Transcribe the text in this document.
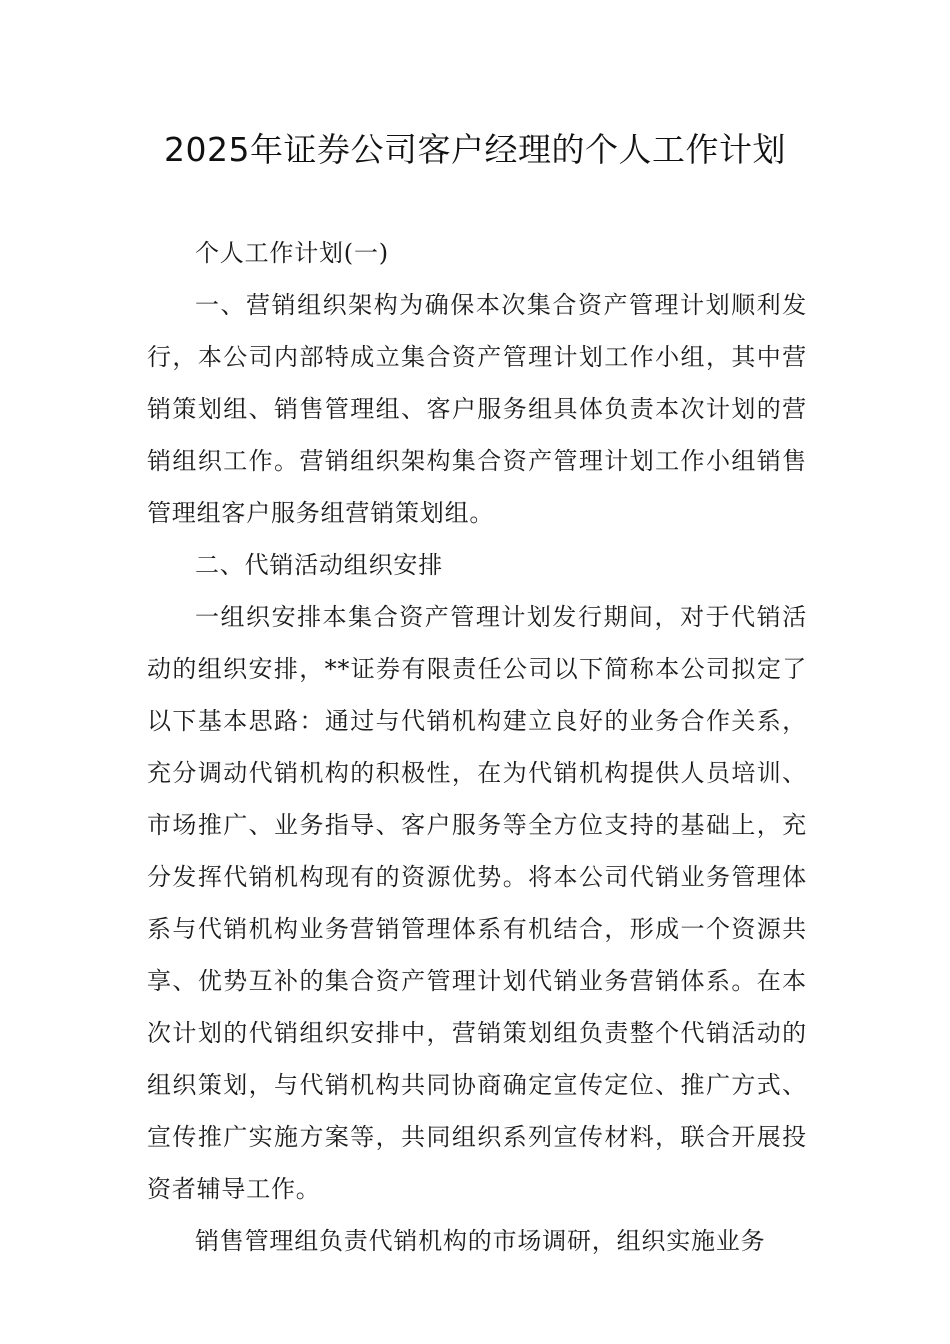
2025年证券公司客户经理的个人工作计划

个人工作计划(一)

一、营销组织架构为确保本次集合资产管理计划顺利发行，本公司内部特成立集合资产管理计划工作小组，其中营销策划组、销售管理组、客户服务组具体负责本次计划的营销组织工作。营销组织架构集合资产管理计划工作小组销售管理组客户服务组营销策划组。

二、代销活动组织安排

一组织安排本集合资产管理计划发行期间，对于代销活动的组织安排，**证券有限责任公司以下简称本公司拟定了以下基本思路：通过与代销机构建立良好的业务合作关系，充分调动代销机构的积极性，在为代销机构提供人员培训、市场推广、业务指导、客户服务等全方位支持的基础上，充分发挥代销机构现有的资源优势。将本公司代销业务管理体系与代销机构业务营销管理体系有机结合，形成一个资源共享、优势互补的集合资产管理计划代销业务营销体系。在本次计划的代销组织安排中，营销策划组负责整个代销活动的组织策划，与代销机构共同协商确定宣传定位、推广方式、宣传推广实施方案等，共同组织系列宣传材料，联合开展投资者辅导工作。

销售管理组负责代销机构的市场调研，组织实施业务
